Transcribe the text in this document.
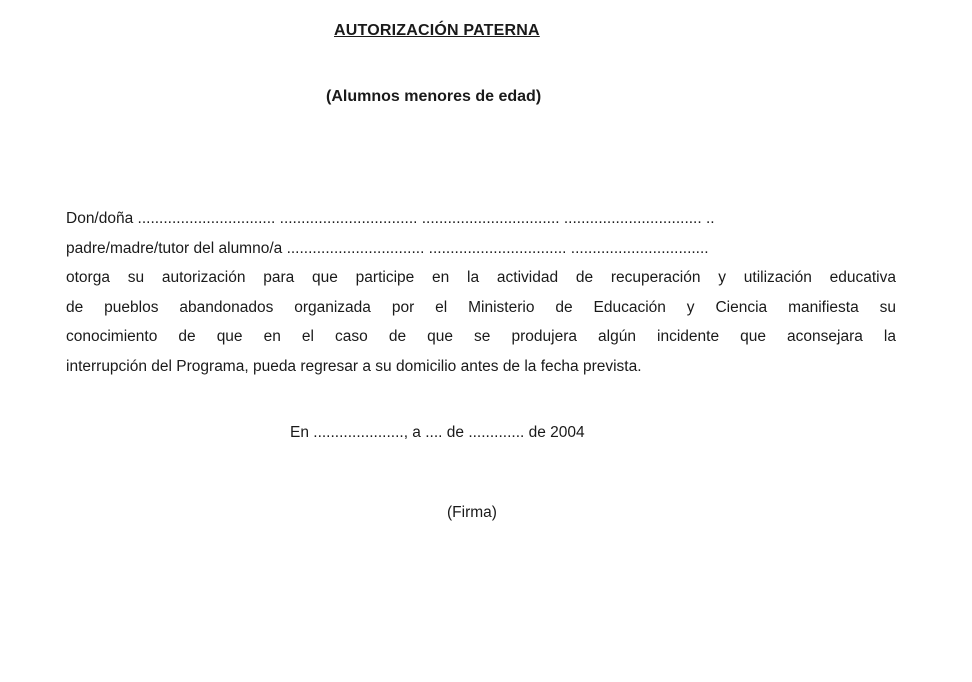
AUTORIZACIÓN PATERNA
(Alumnos menores de edad)
Don/doña ................................ ................................ ................................ ................................ ..
padre/madre/tutor del alumno/a ................................ ................................ ................................
otorga su autorización para que participe en la actividad de recuperación y utilización educativa
de pueblos abandonados organizada por el Ministerio de Educación y Ciencia manifiesta su
conocimiento de que en el caso de que se produjera algún incidente que aconsejara la
interrupción del Programa, pueda regresar a su domicilio antes de la fecha prevista.
En ....................., a .... de ............. de 2004
(Firma)
